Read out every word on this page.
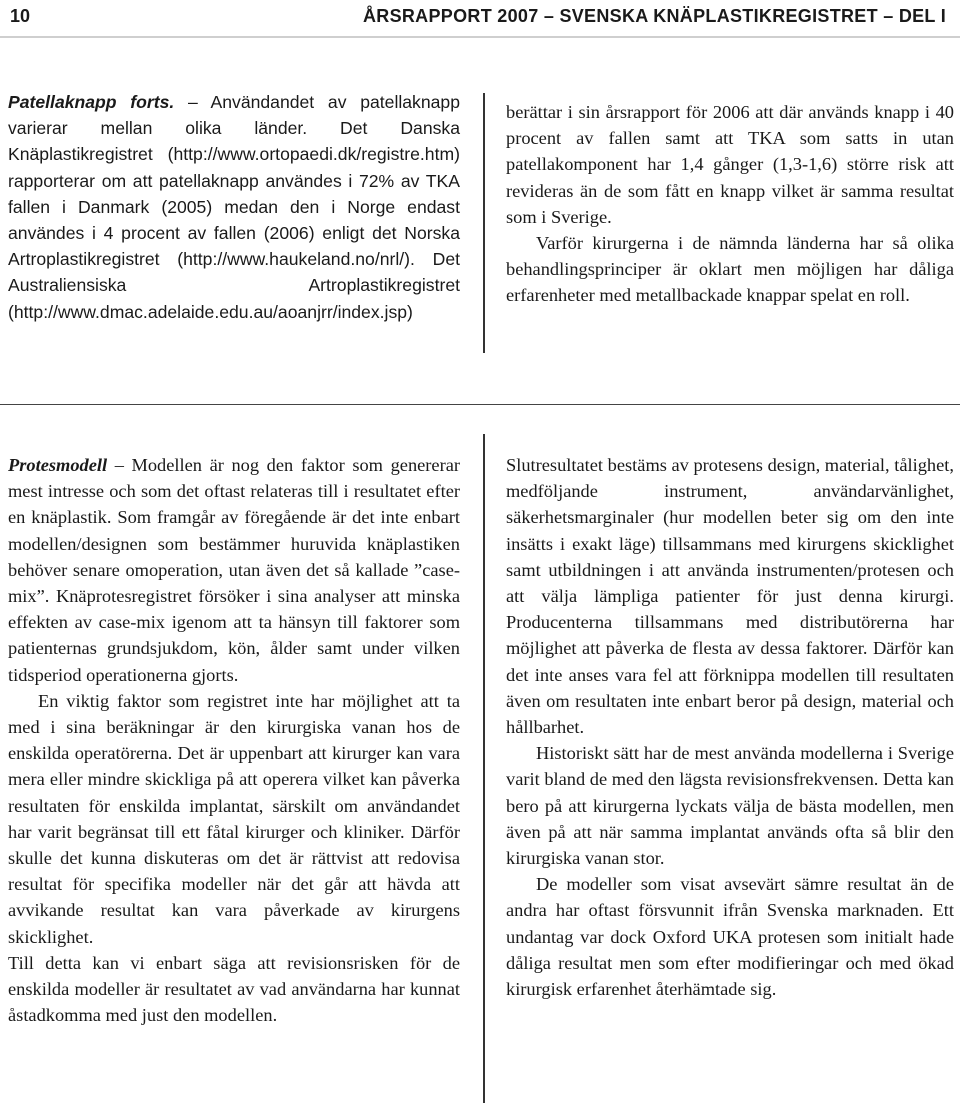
10	ÅRSRAPPORT 2007 – SVENSKA KNÄPLASTIKREGISTRET – DEL I

Patellaknapp forts. – Användandet av patellaknapp varierar mellan olika länder. Det Danska Knäplastikregistret (http://www.ortopaedi.dk/registre.htm) rapporterar om att patellaknapp användes i 72% av TKA fallen i Danmark (2005) medan den i Norge endast användes i 4 procent av fallen (2006) enligt det Norska Artroplastikregistret (http://www.haukeland.no/nrl/). Det Australiensiska Artroplastikregistret (http://www.dmac.adelaide.edu.au/aoanjrr/index.jsp)

berättar i sin årsrapport för 2006 att där används knapp i 40 procent av fallen samt att TKA som satts in utan patellakomponent har 1,4 gånger (1,3-1,6) större risk att revideras än de som fått en knapp vilket är samma resultat som i Sverige.

Varför kirurgerna i de nämnda länderna har så olika behandlingsprinciper är oklart men möjligen har dåliga erfarenheter med metallbackade knappar spelat en roll.

Protesmodell – Modellen är nog den faktor som genererar mest intresse och som det oftast relateras till i resultatet efter en knäplastik. Som framgår av föregående är det inte enbart modellen/designen som bestämmer huruvida knäplastiken behöver senare omoperation, utan även det så kallade ”case-mix”. Knäprotesregistret försöker i sina analyser att minska effekten av case-mix igenom att ta hänsyn till faktorer som patienternas grundsjukdom, kön, ålder samt under vilken tidsperiod operationerna gjorts.

En viktig faktor som registret inte har möjlighet att ta med i sina beräkningar är den kirurgiska vanan hos de enskilda operatörerna. Det är uppenbart att kirurger kan vara mera eller mindre skickliga på att operera vilket kan påverka resultaten för enskilda implantat, särskilt om användandet har varit begränsat till ett fåtal kirurger och kliniker. Därför skulle det kunna diskuteras om det är rättvist att redovisa resultat för specifika modeller när det går att hävda att avvikande resultat kan vara påverkade av kirurgens skicklighet.

Till detta kan vi enbart säga att revisionsrisken för de enskilda modeller är resultatet av vad användarna har kunnat åstadkomma med just den modellen.

Slutresultatet bestäms av protesens design, material, tålighet, medföljande instrument, användarvänlighet, säkerhetsmarginaler (hur modellen beter sig om den inte insätts i exakt läge) tillsammans med kirurgens skicklighet samt utbildningen i att använda instrumenten/protesen och att välja lämpliga patienter för just denna kirurgi. Producenterna tillsammans med distributörerna har möjlighet att påverka de flesta av dessa faktorer. Därför kan det inte anses vara fel att förknippa modellen till resultaten även om resultaten inte enbart beror på design, material och hållbarhet.

Historiskt sätt har de mest använda modellerna i Sverige varit bland de med den lägsta revisionsfrekvensen. Detta kan bero på att kirurgerna lyckats välja de bästa modellen, men även på att när samma implantat används ofta så blir den kirurgiska vanan stor.

De modeller som visat avsevärt sämre resultat än de andra har oftast försvunnit ifrån Svenska marknaden. Ett undantag var dock Oxford UKA protesen som initialt hade dåliga resultat men som efter modifieringar och med ökad kirurgisk erfarenhet återhämtade sig.
